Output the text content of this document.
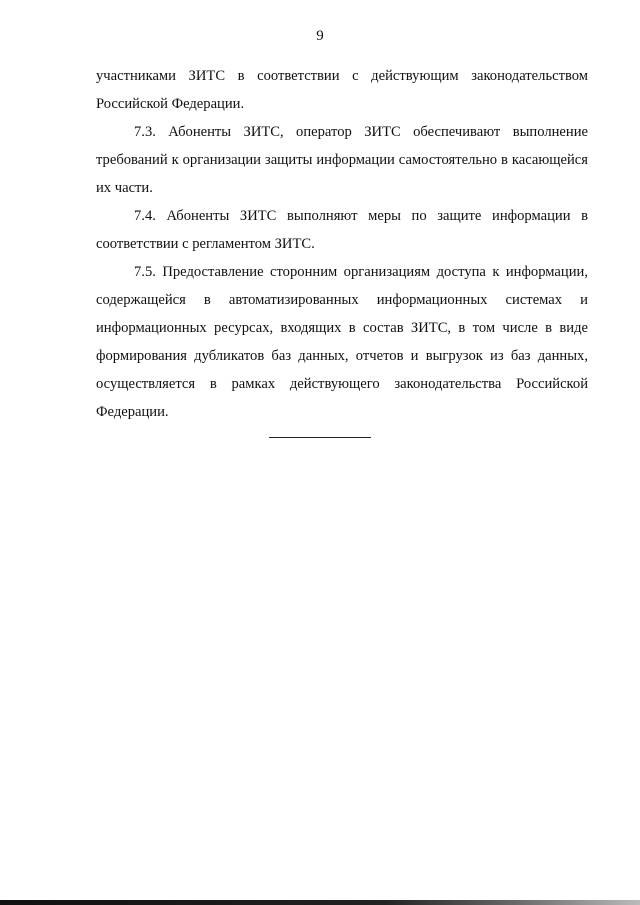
9

участниками ЗИТС в соответствии с действующим законодательством Российской Федерации.

7.3. Абоненты ЗИТС, оператор ЗИТС обеспечивают выполнение требований к организации защиты информации самостоятельно в касающейся их части.

7.4. Абоненты ЗИТС выполняют меры по защите информации в соответствии с регламентом ЗИТС.

7.5. Предоставление сторонним организациям доступа к информации, содержащейся в автоматизированных информационных системах и информационных ресурсах, входящих в состав ЗИТС, в том числе в виде формирования дубликатов баз данных, отчетов и выгрузок из баз данных, осуществляется в рамках действующего законодательства Российской Федерации.
